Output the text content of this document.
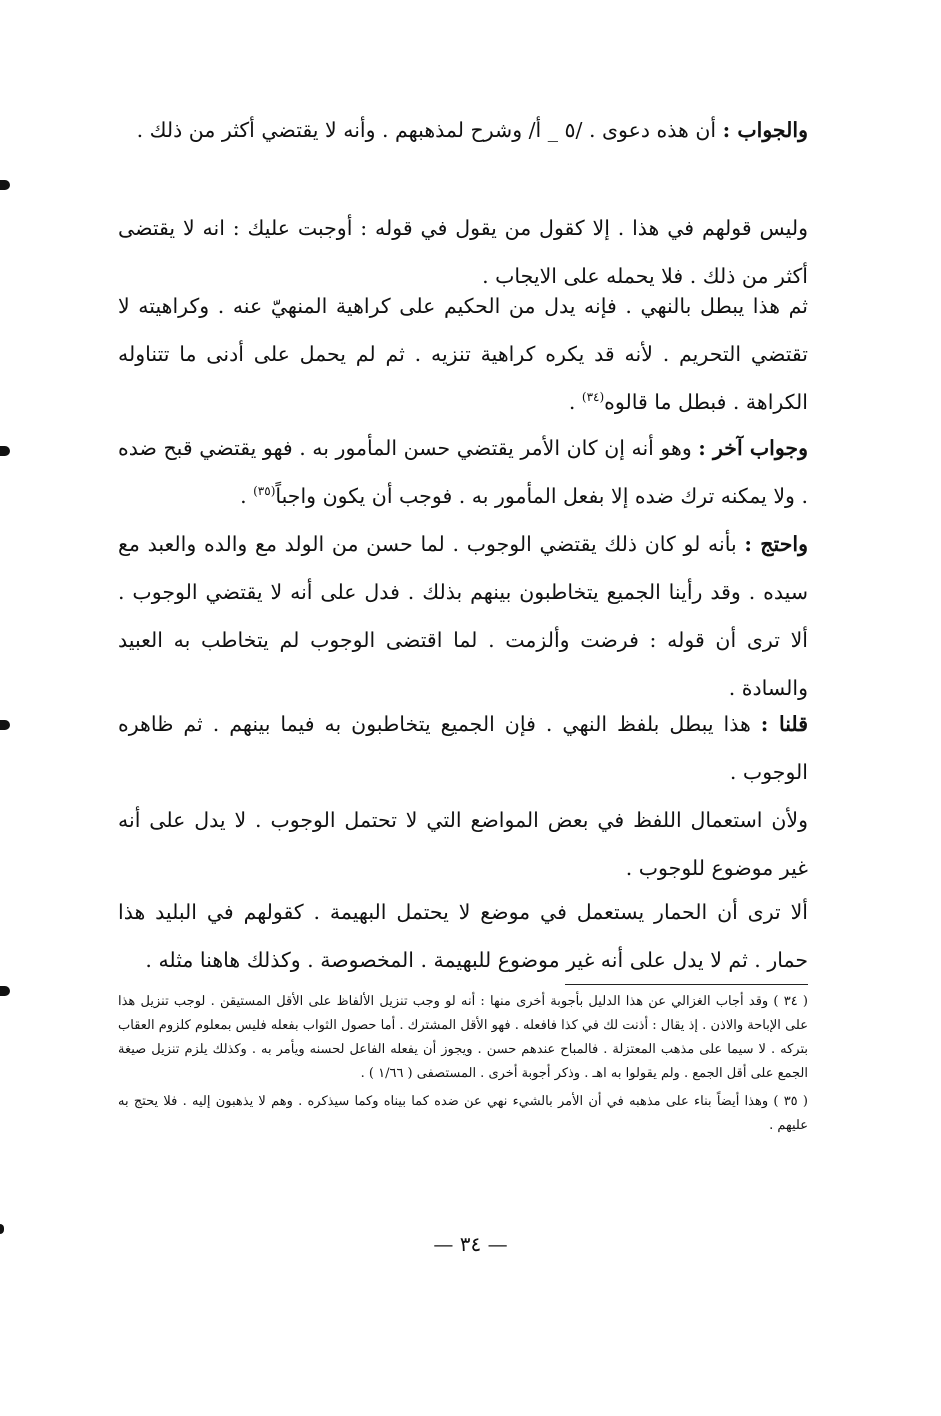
والجواب : أن هذه دعوى . /٥ _ أ/ وشرح لمذهبهم . وأنه لا يقتضي أكثر من ذلك .

وليس قولهم في هذا . إلا كقول من يقول في قوله : أوجبت عليك : انه لا يقتضى أكثر من ذلك . فلا يحمله على الايجاب .

ثم هذا يبطل بالنهي . فإنه يدل من الحكيم على كراهية المنهيّ عنه . وكراهيته لا تقتضي التحريم . لأنه قد يكره كراهية تنزيه . ثم لم يحمل على أدنى ما تتناوله الكراهة . فبطل ما قالوه$^{(٣٤)}$ .

وجواب آخر : وهو أنه إن كان الأمر يقتضي حسن المأمور به . فهو يقتضي قبح ضده . ولا يمكنه ترك ضده إلا بفعل المأمور به . فوجب أن يكون واجباً$^{(٣٥)}$ .

واحتج : بأنه لو كان ذلك يقتضي الوجوب . لما حسن من الولد مع والده والعبد مع سيده . وقد رأينا الجميع يتخاطبون بينهم بذلك . فدل على أنه لا يقتضي الوجوب . ألا ترى أن قوله : فرضت وألزمت . لما اقتضى الوجوب لم يتخاطب به العبيد والسادة .

قلنا : هذا يبطل بلفظ النهي . فإن الجميع يتخاطبون به فيما بينهم . ثم ظاهره الوجوب .

ولأن استعمال اللفظ في بعض المواضع التي لا تحتمل الوجوب . لا يدل على أنه غير موضوع للوجوب .

ألا ترى أن الحمار يستعمل في موضع لا يحتمل البهيمة . كقولهم في البليد هذا حمار . ثم لا يدل على أنه غير موضوع للبهيمة . المخصوصة . وكذلك هاهنا مثله .

( ٣٤ ) وقد أجاب الغزالي عن هذا الدليل بأجوبة أخرى منها : أنه لو وجب تنزيل الألفاظ على الأقل المستيقن . لوجب تنزيل هذا على الإباحة والاذن . إذ يقال : أذنت لك في كذا فافعله . فهو الأقل المشترك . أما حصول الثواب بفعله فليس بمعلوم كلزوم العقاب بتركه . لا سيما على مذهب المعتزلة . فالمباح عندهم حسن . ويجوز أن يفعله الفاعل لحسنه ويأمر به . وكذلك يلزم تنزيل صيغة الجمع على أقل الجمع . ولم يقولوا به اهـ . وذكر أجوبة أخرى . المستصفى ( ١/٦٦ ) .

( ٣٥ ) وهذا أيضاً بناء على مذهبه في أن الأمر بالشيء نهي عن ضده كما بيناه وكما سيذكره . وهم لا يذهبون إليه . فلا يحتج به عليهم .

— ٣٤ —
